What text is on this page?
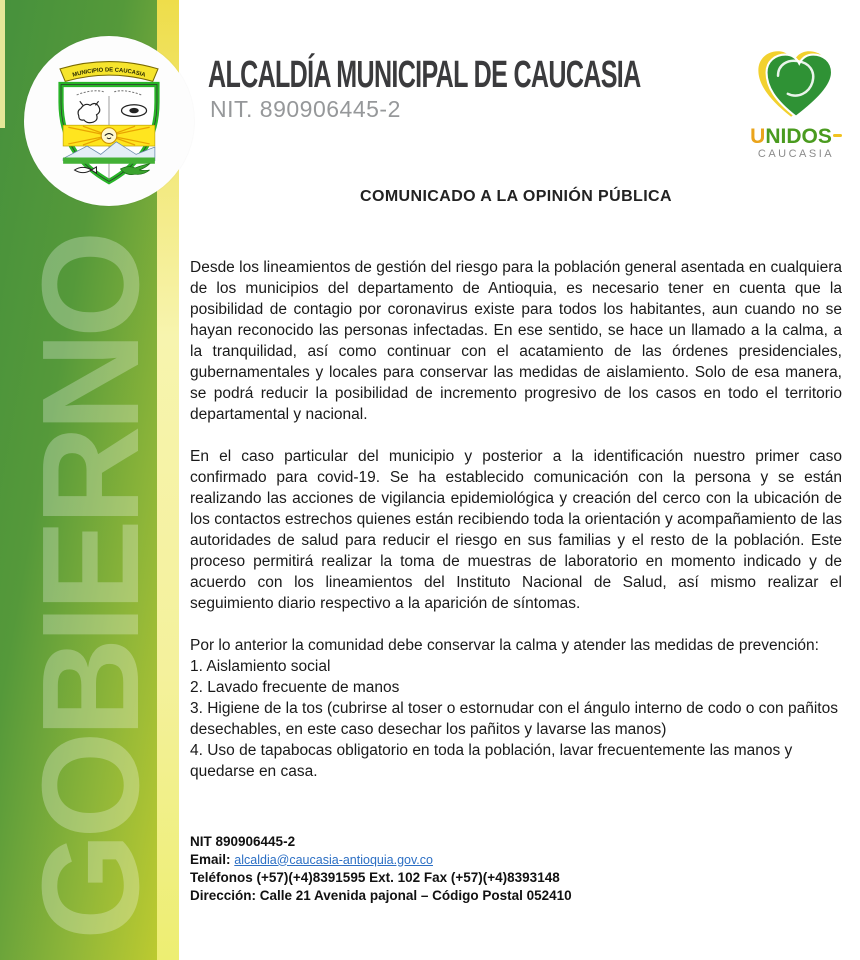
GOBIERNO
MUNICIPIO DE CAUCASIA ALCALDÍA MUNICIPAL DE CAUCASIA
NIT. 890906445-2
UNIDOS
CAUCASIA
COMUNICADO A LA OPINIÓN PÚBLICA

Desde los lineamientos de gestión del riesgo para la población general asentada en cualquiera de los municipios del departamento de Antioquia, es necesario tener en cuenta que la posibilidad de contagio por coronavirus existe para todos los habitantes, aun cuando no se hayan reconocido las personas infectadas. En ese sentido, se hace un llamado a la calma, a la tranquilidad, así como continuar con el acatamiento de las órdenes presidenciales, gubernamentales y locales para conservar las medidas de aislamiento. Solo de esa manera, se podrá reducir la posibilidad de incremento progresivo de los casos en todo el territorio departamental y nacional.

En el caso particular del municipio y posterior a la identificación nuestro primer caso confirmado para covid-19. Se ha establecido comunicación con la persona y se están realizando las acciones de vigilancia epidemiológica y creación del cerco con la ubicación de los contactos estrechos quienes están recibiendo toda la orientación y acompañamiento de las autoridades de salud para reducir el riesgo en sus familias y el resto de la población. Este proceso permitirá realizar la toma de muestras de laboratorio en momento indicado y de acuerdo con los lineamientos del Instituto Nacional de Salud, así mismo realizar el seguimiento diario respectivo a la aparición de síntomas.

Por lo anterior la comunidad debe conservar la calma y atender las medidas de prevención:

1. Aislamiento social
2. Lavado frecuente de manos
3. Higiene de la tos (cubrirse al toser o estornudar con el ángulo interno de codo o con pañitos desechables, en este caso desechar los pañitos y lavarse las manos)
4. Uso de tapabocas obligatorio en toda la población, lavar frecuentemente las manos y quedarse en casa.
NIT 890906445-2
Email: alcaldia@caucasia-antioquia.gov.co
Teléfonos (+57)(+4)8391595 Ext. 102 Fax (+57)(+4)8393148
Dirección: Calle 21 Avenida pajonal – Código Postal 052410
